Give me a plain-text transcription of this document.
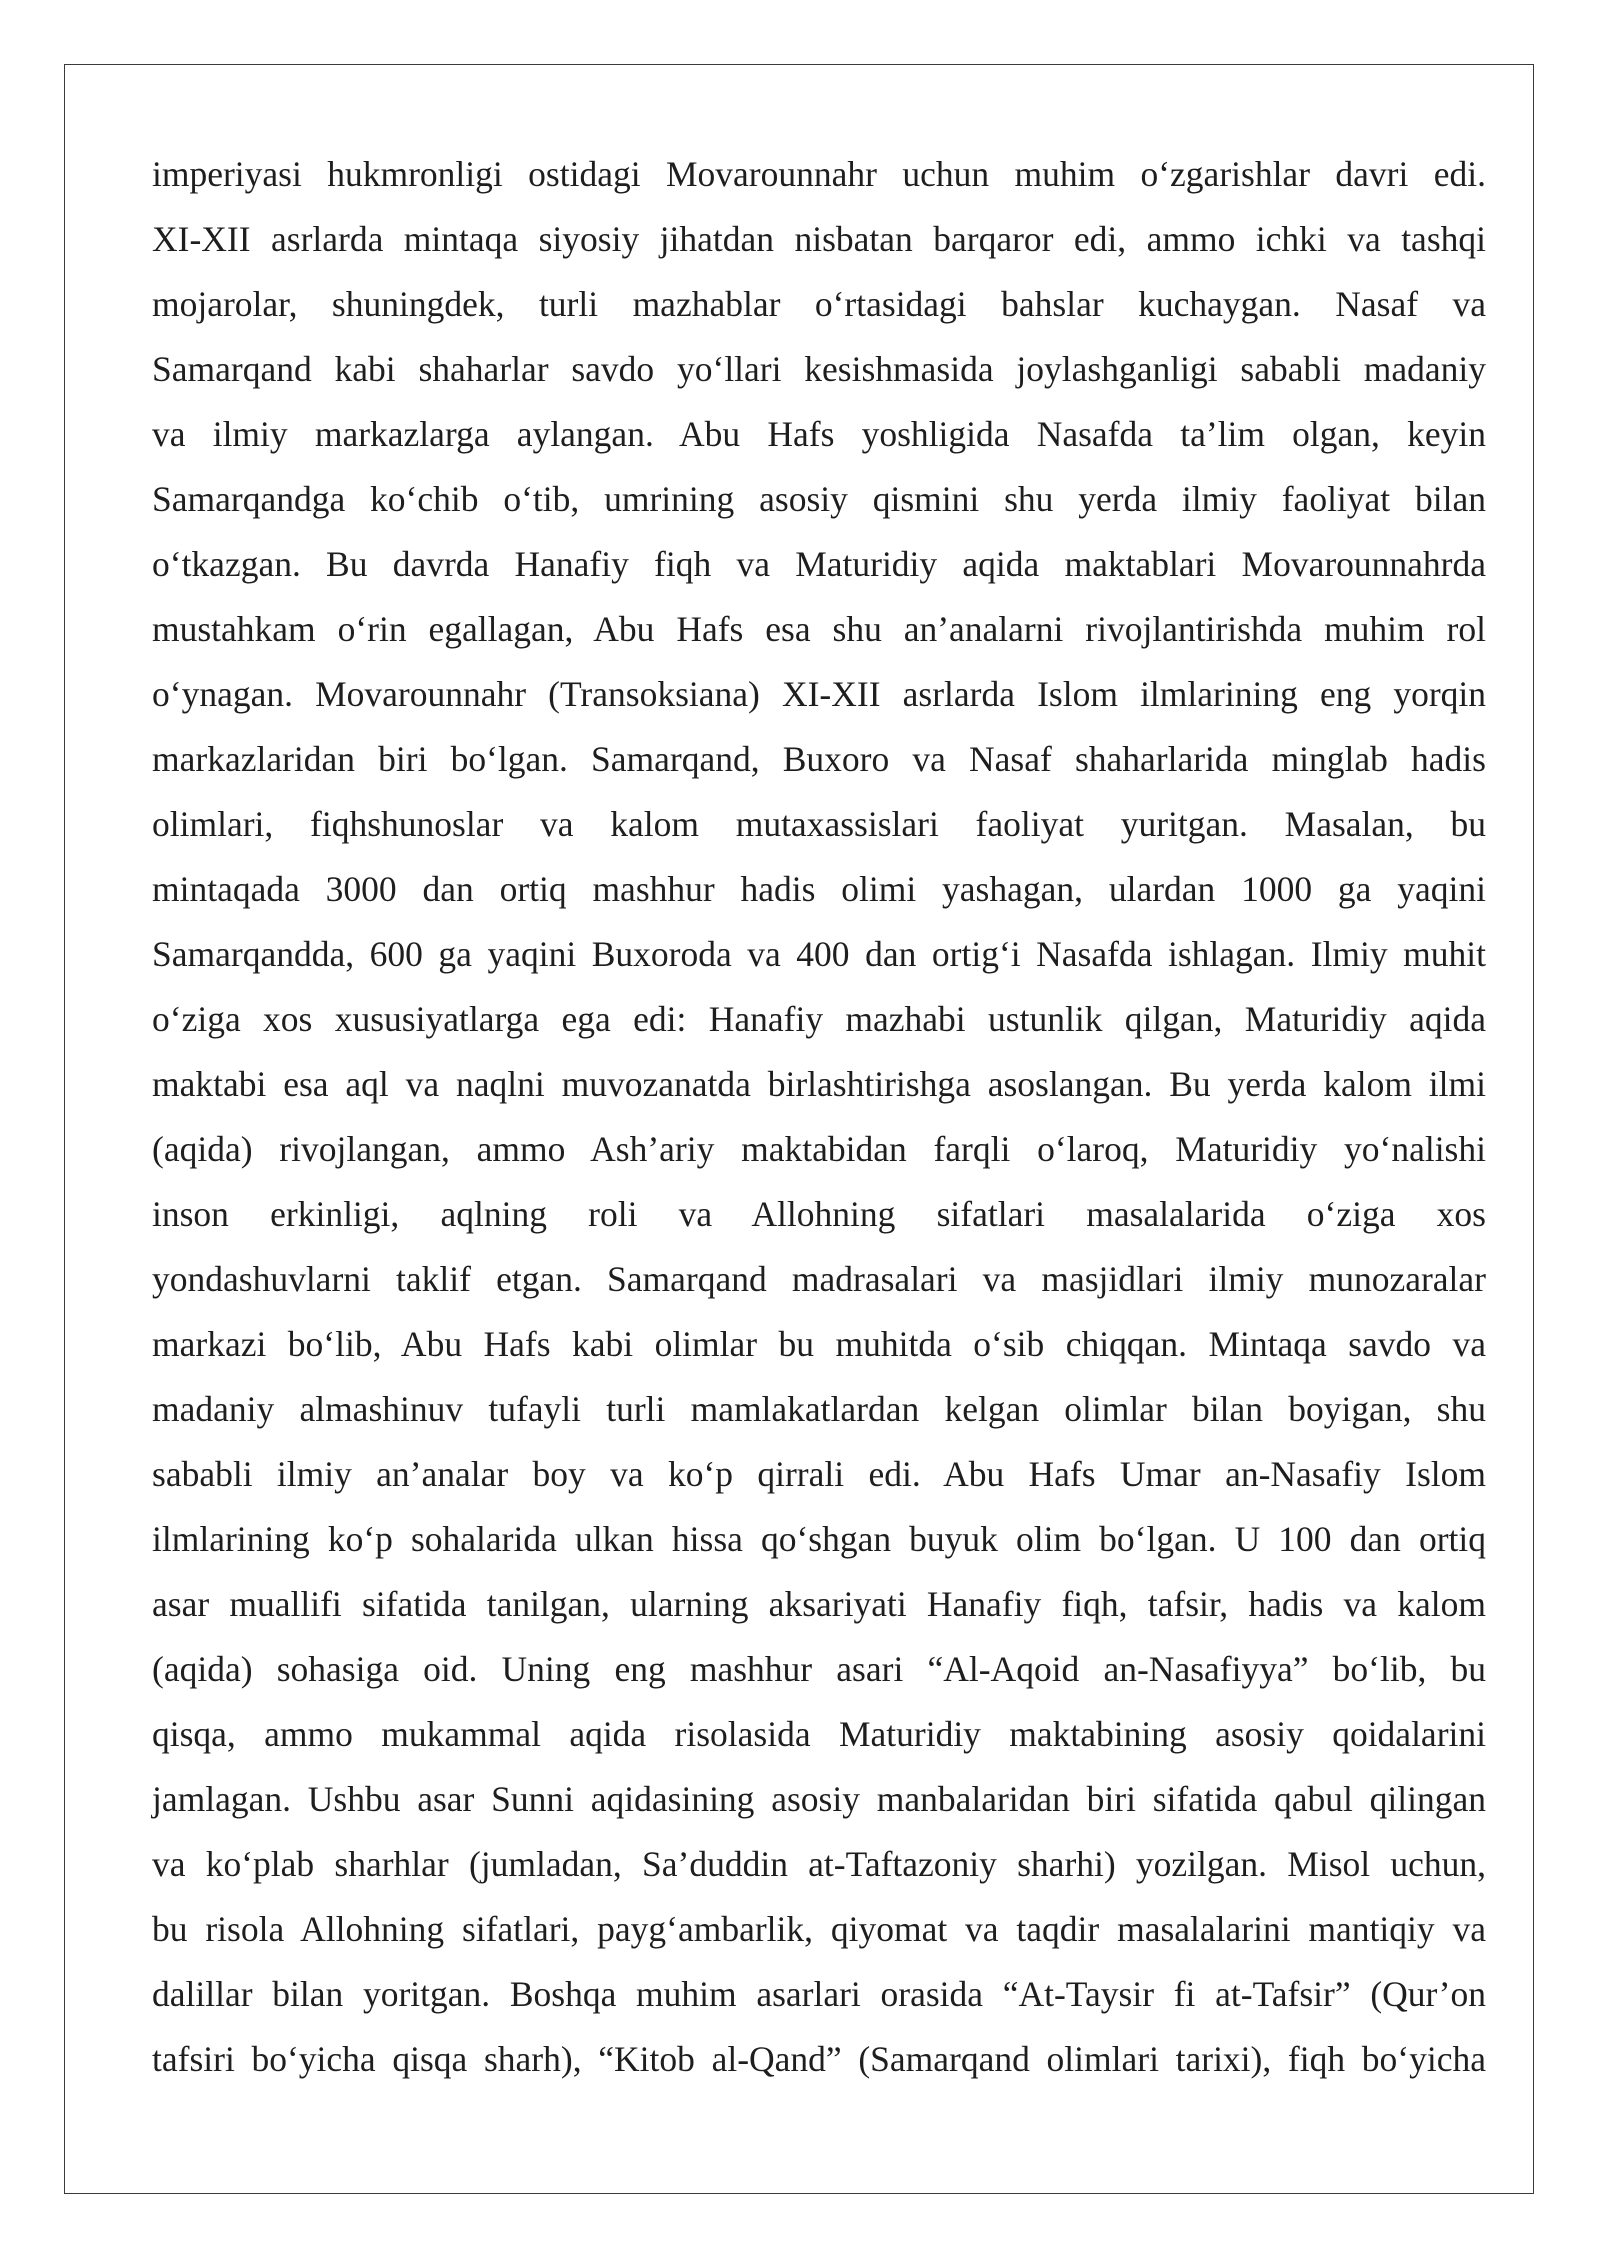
imperiyasi hukmronligi ostidagi Movarounnahr uchun muhim o‘zgarishlar davri edi.
XI-XII asrlarda mintaqa siyosiy jihatdan nisbatan barqaror edi, ammo ichki va tashqi
mojarolar, shuningdek, turli mazhablar o‘rtasidagi bahslar kuchaygan. Nasaf va
Samarqand kabi shaharlar savdo yo‘llari kesishmasida joylashganligi sababli madaniy
va ilmiy markazlarga aylangan. Abu Hafs yoshligida Nasafda ta’lim olgan, keyin
Samarqandga ko‘chib o‘tib, umrining asosiy qismini shu yerda ilmiy faoliyat bilan
o‘tkazgan. Bu davrda Hanafiy fiqh va Maturidiy aqida maktablari Movarounnahrda
mustahkam o‘rin egallagan, Abu Hafs esa shu an’analarni rivojlantirishda muhim rol
o‘ynagan. Movarounnahr (Transoksiana) XI-XII asrlarda Islom ilmlarining eng yorqin
markazlaridan biri bo‘lgan. Samarqand, Buxoro va Nasaf shaharlarida minglab hadis
olimlari, fiqhshunoslar va kalom mutaxassislari faoliyat yuritgan. Masalan, bu
mintaqada 3000 dan ortiq mashhur hadis olimi yashagan, ulardan 1000 ga yaqini
Samarqandda, 600 ga yaqini Buxoroda va 400 dan ortig‘i Nasafda ishlagan. Ilmiy muhit
o‘ziga xos xususiyatlarga ega edi: Hanafiy mazhabi ustunlik qilgan, Maturidiy aqida
maktabi esa aql va naqlni muvozanatda birlashtirishga asoslangan. Bu yerda kalom ilmi
(aqida) rivojlangan, ammo Ash’ariy maktabidan farqli o‘laroq, Maturidiy yo‘nalishi
inson erkinligi, aqlning roli va Allohning sifatlari masalalarida o‘ziga xos
yondashuvlarni taklif etgan. Samarqand madrasalari va masjidlari ilmiy munozaralar
markazi bo‘lib, Abu Hafs kabi olimlar bu muhitda o‘sib chiqqan. Mintaqa savdo va
madaniy almashinuv tufayli turli mamlakatlardan kelgan olimlar bilan boyigan, shu
sababli ilmiy an’analar boy va ko‘p qirrali edi. Abu Hafs Umar an-Nasafiy Islom
ilmlarining ko‘p sohalarida ulkan hissa qo‘shgan buyuk olim bo‘lgan. U 100 dan ortiq
asar muallifi sifatida tanilgan, ularning aksariyati Hanafiy fiqh, tafsir, hadis va kalom
(aqida) sohasiga oid. Uning eng mashhur asari “Al-Aqoid an-Nasafiyya” bo‘lib, bu
qisqa, ammo mukammal aqida risolasida Maturidiy maktabining asosiy qoidalarini
jamlagan. Ushbu asar Sunni aqidasining asosiy manbalaridan biri sifatida qabul qilingan
va ko‘plab sharhlar (jumladan, Sa’duddin at-Taftazoniy sharhi) yozilgan. Misol uchun,
bu risola Allohning sifatlari, payg‘ambarlik, qiyomat va taqdir masalalarini mantiqiy va
dalillar bilan yoritgan. Boshqa muhim asarlari orasida “At-Taysir fi at-Tafsir” (Qur’on
tafsiri bo‘yicha qisqa sharh), “Kitob al-Qand” (Samarqand olimlari tarixi), fiqh bo‘yicha
